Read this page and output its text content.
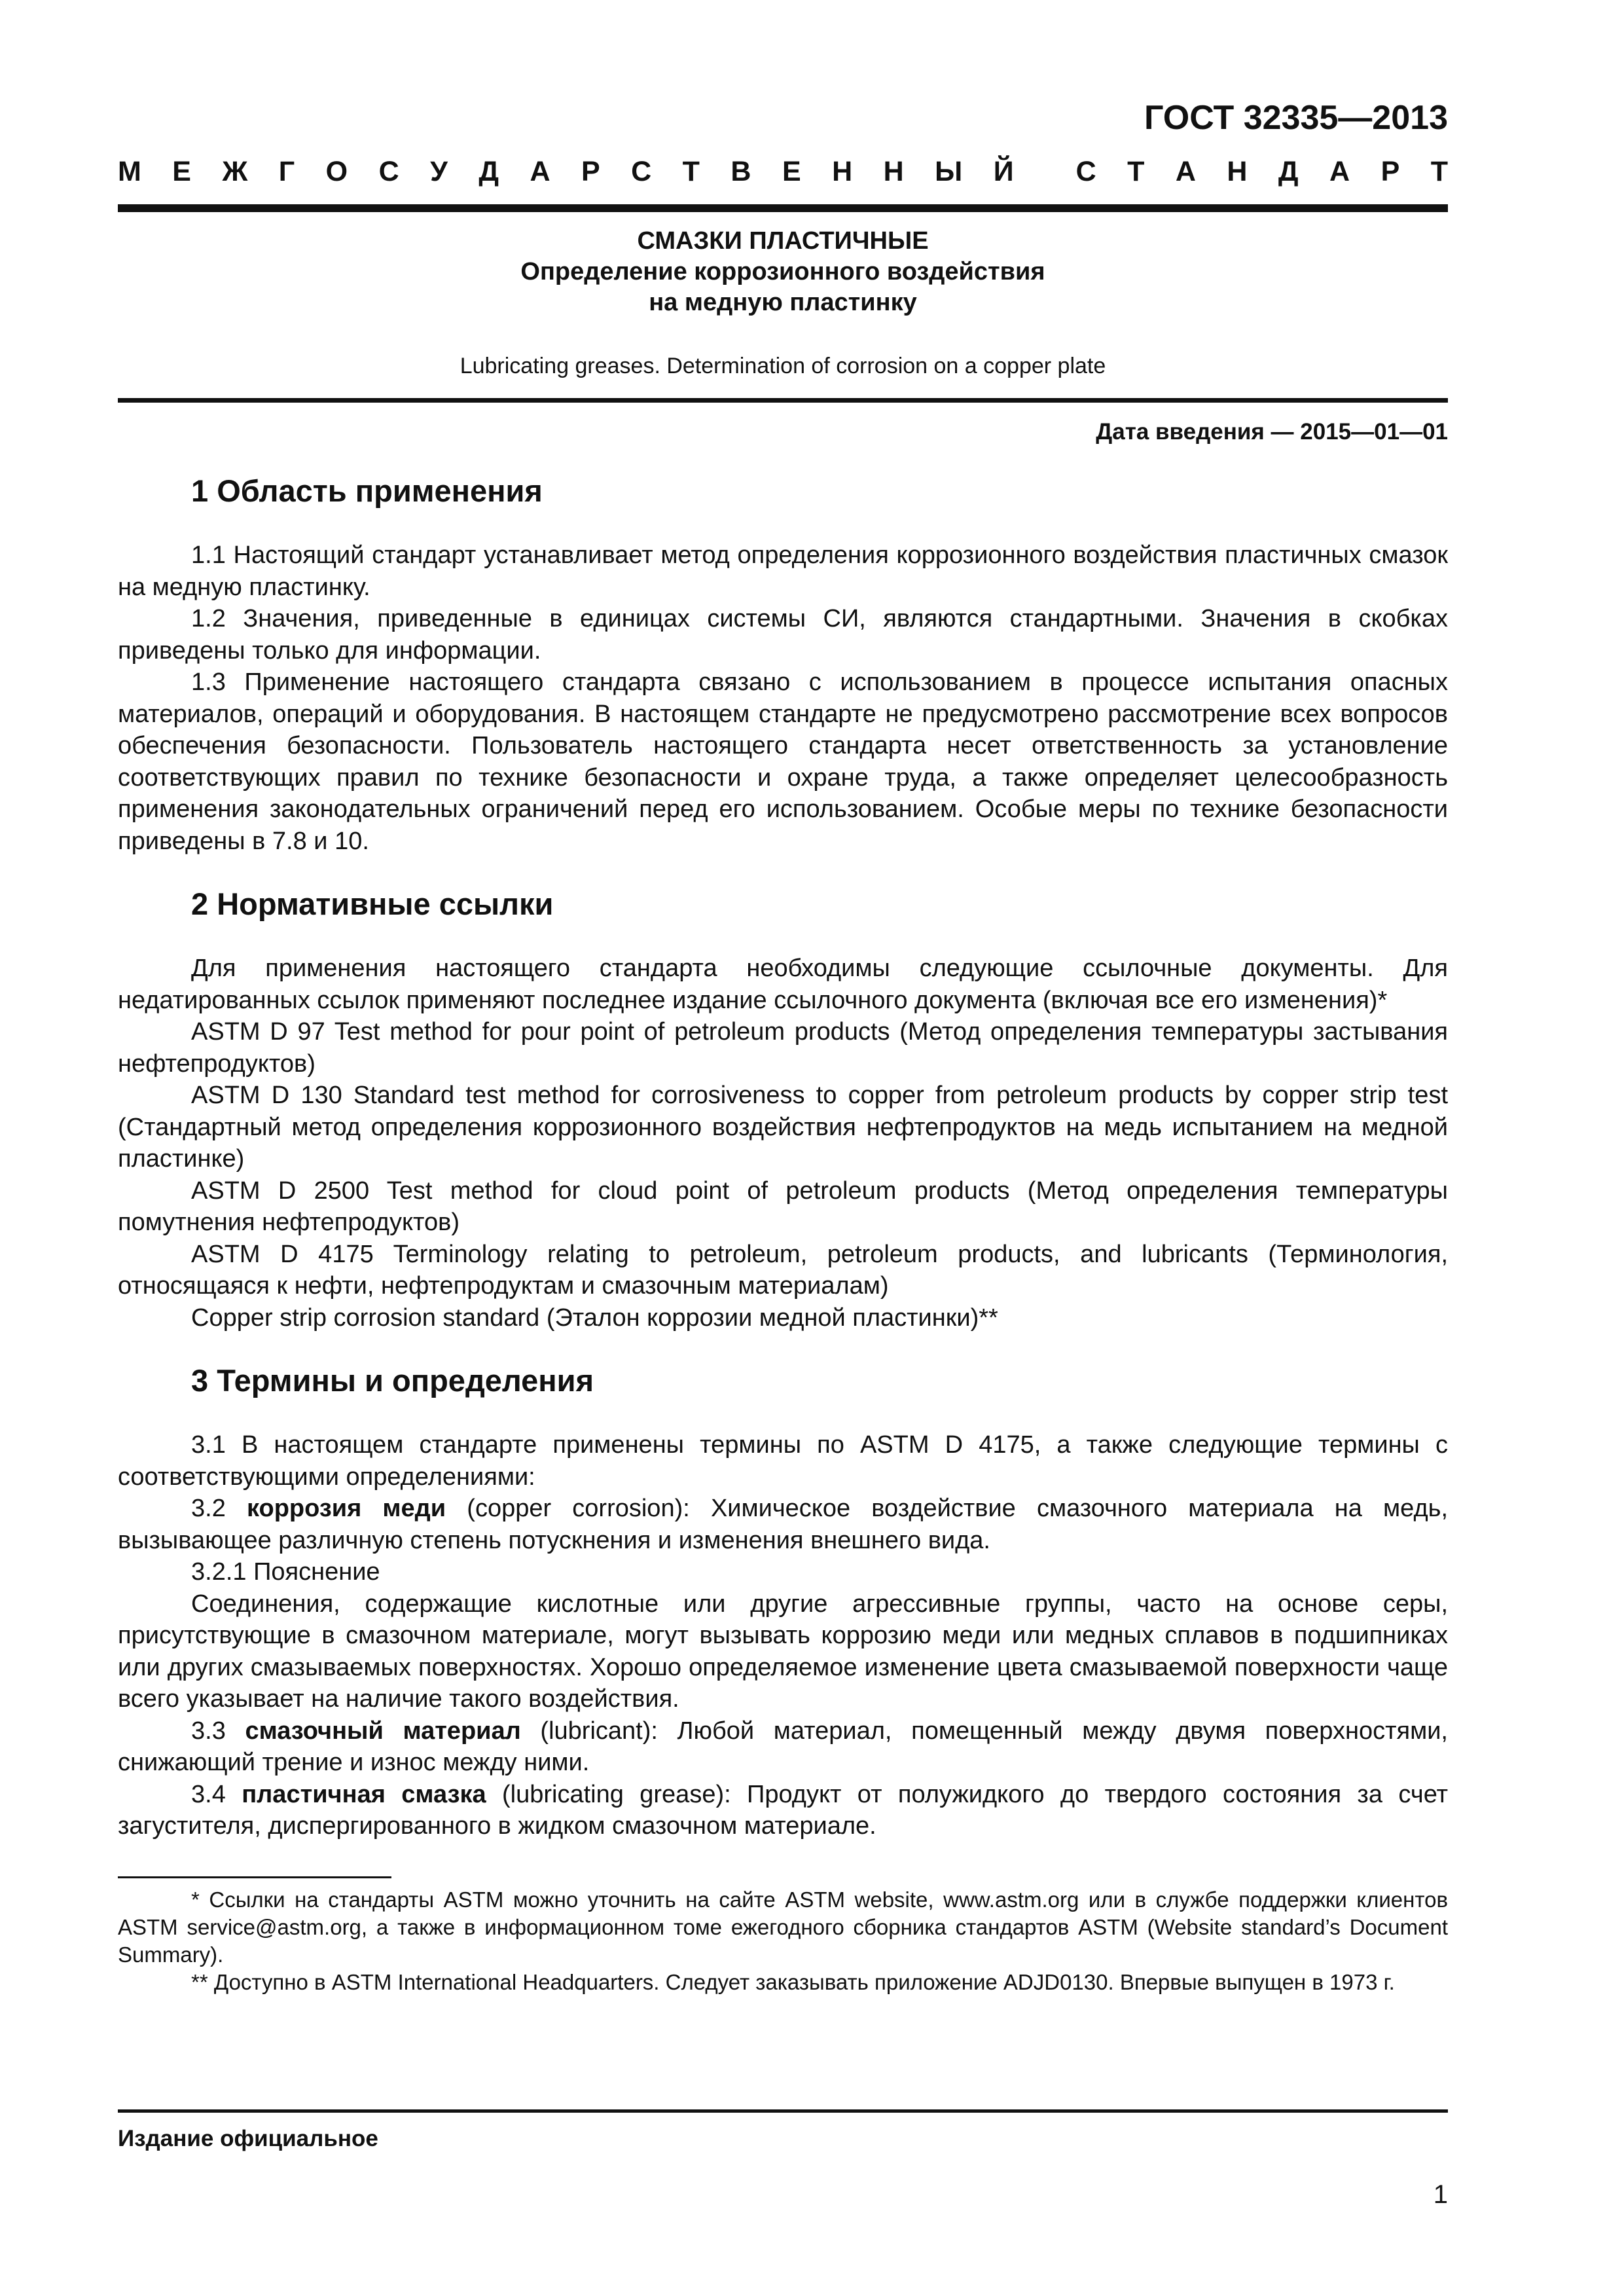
ГОСТ 32335—2013
М Е Ж Г О С У Д А Р С Т В Е Н Н Ы Й С Т А Н Д А Р Т
СМАЗКИ ПЛАСТИЧНЫЕ
Определение коррозионного воздействия
на медную пластинку
Lubricating greases. Determination of corrosion on a copper plate
Дата введения — 2015—01—01
1 Область применения

1.1 Настоящий стандарт устанавливает метод определения коррозионного воздействия пластичных смазок на медную пластинку.

1.2 Значения, приведенные в единицах системы СИ, являются стандартными. Значения в скобках приведены только для информации.

1.3 Применение настоящего стандарта связано с использованием в процессе испытания опасных материалов, операций и оборудования. В настоящем стандарте не предусмотрено рассмотрение всех вопросов обеспечения безопасности. Пользователь настоящего стандарта несет ответственность за установление соответствующих правил по технике безопасности и охране труда, а также определяет целесообразность применения законодательных ограничений перед его использованием. Особые меры по технике безопасности приведены в 7.8 и 10.

2 Нормативные ссылки

Для применения настоящего стандарта необходимы следующие ссылочные документы. Для недатированных ссылок применяют последнее издание ссылочного документа (включая все его изменения)*

ASTM D 97 Test method for pour point of petroleum products (Метод определения температуры застывания нефтепродуктов)

ASTM D 130 Standard test method for corrosiveness to copper from petroleum products by copper strip test (Стандартный метод определения коррозионного воздействия нефтепродуктов на медь испытанием на медной пластинке)

ASTM D 2500 Test method for cloud point of petroleum products (Метод определения температуры помутнения нефтепродуктов)

ASTM D 4175 Terminology relating to petroleum, petroleum products, and lubricants (Терминология, относящаяся к нефти, нефтепродуктам и смазочным материалам)

Copper strip corrosion standard (Эталон коррозии медной пластинки)**

3 Термины и определения

3.1 В настоящем стандарте применены термины по ASTM D 4175, а также следующие термины с соответствующими определениями:

3.2 коррозия меди (copper corrosion): Химическое воздействие смазочного материала на медь, вызывающее различную степень потускнения и изменения внешнего вида.

3.2.1 Пояснение

Соединения, содержащие кислотные или другие агрессивные группы, часто на основе серы, присутствующие в смазочном материале, могут вызывать коррозию меди или медных сплавов в подшипниках или других смазываемых поверхностях. Хорошо определяемое изменение цвета смазываемой поверхности чаще всего указывает на наличие такого воздействия.

3.3 смазочный материал (lubricant): Любой материал, помещенный между двумя поверхностями, снижающий трение и износ между ними.

3.4 пластичная смазка (lubricating grease): Продукт от полужидкого до твердого состояния за счет загустителя, диспергированного в жидком смазочном материале.

* Ссылки на стандарты ASTM можно уточнить на сайте ASTM website, www.astm.org или в службе поддержки клиентов ASTM service@astm.org, а также в информационном томе ежегодного сборника стандартов ASTM (Website standard’s Document Summary).

** Доступно в ASTM International Headquarters. Следует заказывать приложение ADJD0130. Впервые выпущен в 1973 г.

Издание официальное
1
